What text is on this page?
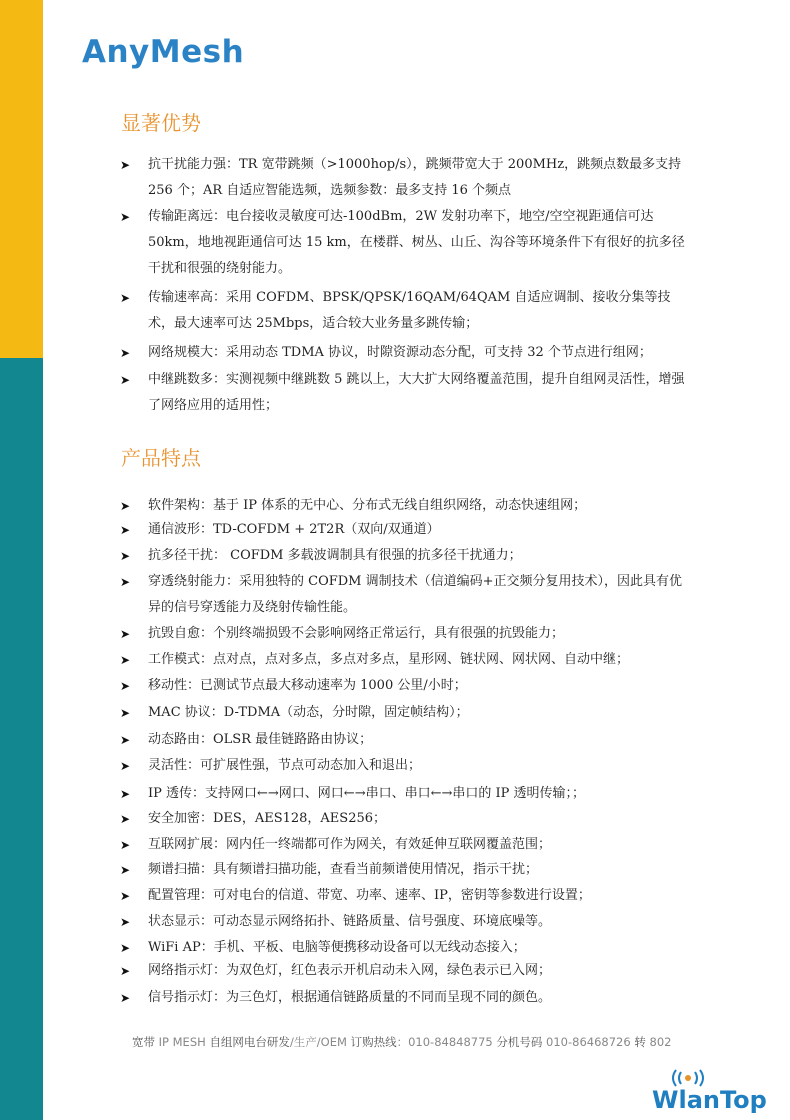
AnyMesh
显著优势
➤ 抗干扰能力强：TR 宽带跳频（>1000hop/s），跳频带宽大于 200MHz，跳频点数最多支持 256 个；AR 自适应智能选频，选频参数：最多支持 16 个频点
➤ 传输距离远：电台接收灵敏度可达-100dBm，2W 发射功率下，地空/空空视距通信可达 50km，地地视距通信可达 15 km，在楼群、树丛、山丘、沟谷等环境条件下有很好的抗多径干扰和很强的绕射能力。
➤ 传输速率高：采用 COFDM、BPSK/QPSK/16QAM/64QAM 自适应调制、接收分集等技术，最大速率可达 25Mbps，适合较大业务量多跳传输；
➤ 网络规模大：采用动态 TDMA 协议，时隙资源动态分配，可支持 32 个节点进行组网；
➤ 中继跳数多：实测视频中继跳数 5 跳以上，大大扩大网络覆盖范围，提升自组网灵活性，增强了网络应用的适用性；
产品特点
➤ 软件架构：基于 IP 体系的无中心、分布式无线自组织网络，动态快速组网；
➤ 通信波形：TD-COFDM + 2T2R（双向/双通道）
➤ 抗多径干扰： COFDM 多载波调制具有很强的抗多径干扰通力；
➤ 穿透绕射能力：采用独特的 COFDM 调制技术（信道编码+正交频分复用技术），因此具有优异的信号穿透能力及绕射传输性能。
➤ 抗毁自愈：个别终端损毁不会影响网络正常运行，具有很强的抗毁能力；
➤ 工作模式：点对点，点对多点，多点对多点，星形网、链状网、网状网、自动中继；
➤ 移动性：已测试节点最大移动速率为 1000 公里/小时；
➤ MAC 协议：D-TDMA（动态，分时隙，固定帧结构）；
➤ 动态路由：OLSR 最佳链路路由协议；
➤ 灵活性：可扩展性强，节点可动态加入和退出；
➤ IP 透传：支持网口←→网口、网口←→串口、串口←→串口的 IP 透明传输；；
➤ 安全加密：DES，AES128，AES256；
➤ 互联网扩展：网内任一终端都可作为网关，有效延伸互联网覆盖范围；
➤ 频谱扫描：具有频谱扫描功能，查看当前频谱使用情况，指示干扰；
➤ 配置管理：可对电台的信道、带宽、功率、速率、IP，密钥等参数进行设置；
➤ 状态显示：可动态显示网络拓扑、链路质量、信号强度、环境底噪等。
➤ WiFi AP：手机、平板、电脑等便携移动设备可以无线动态接入；
➤ 网络指示灯：为双色灯，红色表示开机启动未入网，绿色表示已入网；
➤ 信号指示灯：为三色灯，根据通信链路质量的不同而呈现不同的颜色。
宽带 IP MESH 自组网电台研发/生产/OEM 订购热线：010-84848775 分机号码 010-86468726 转 802
WlanTop
